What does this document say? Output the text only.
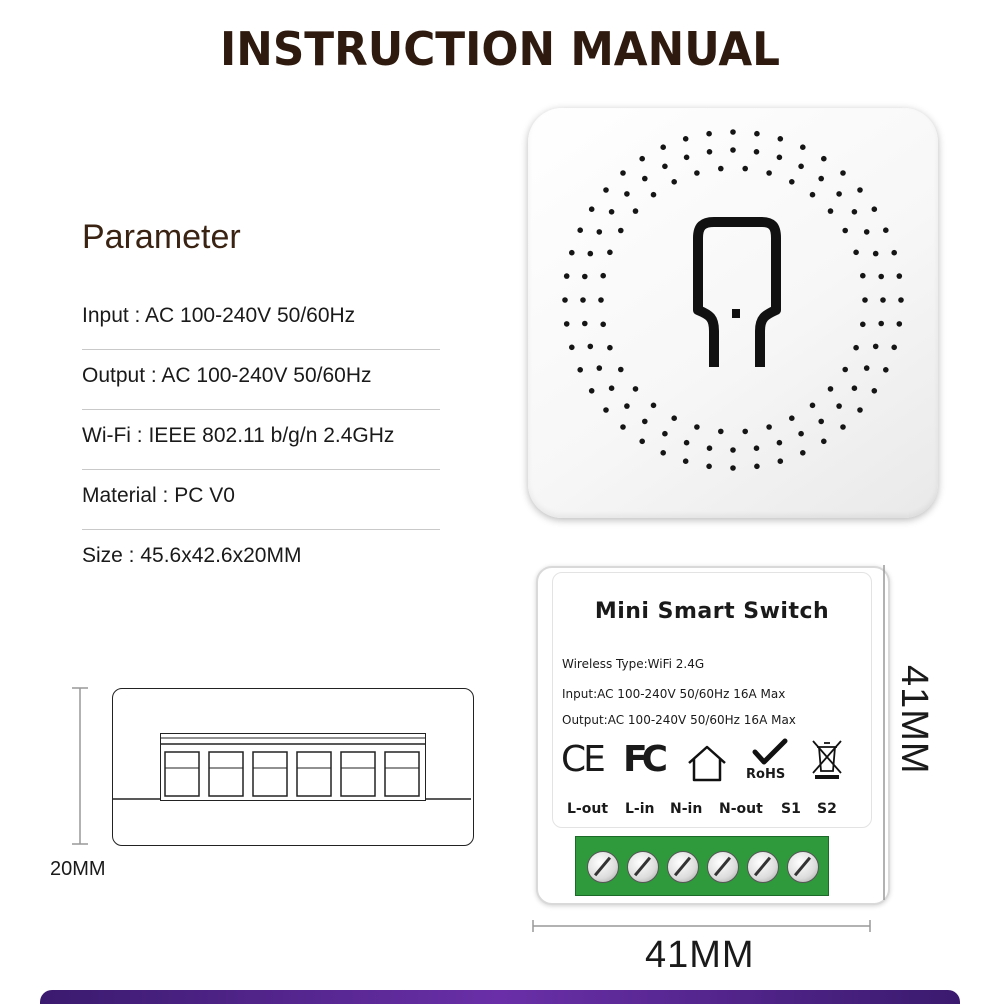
INSTRUCTION MANUAL
Parameter
Input : AC 100-240V 50/60Hz
Output : AC 100-240V 50/60Hz
Wi-Fi : IEEE 802.11 b/g/n 2.4GHz
Material : PC V0
Size : 45.6x42.6x20MM
Mini Smart Switch
Wireless Type:WiFi 2.4G
Input:AC 100-240V 50/60Hz 16A Max
Output:AC 100-240V 50/60Hz 16A Max
CE FC	RoHS
L-out L-in N-in N-out S1 S2
20MM
41MM
41MM
